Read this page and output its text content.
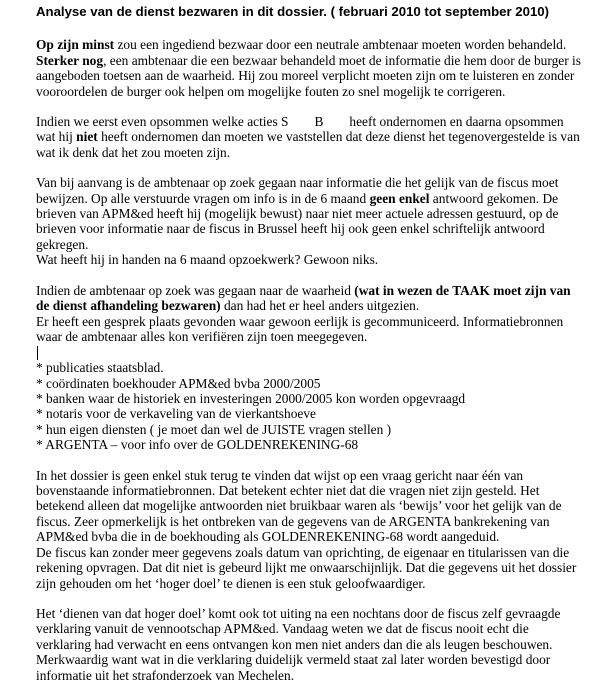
Analyse van de dienst bezwaren in dit dossier. ( februari 2010 tot september 2010)

Op zijn minst zou een ingediend bezwaar door een neutrale ambtenaar moeten worden behandeld. Sterker nog, een ambtenaar die een bezwaar behandeld moet de informatie die hem door de burger is aangeboden toetsen aan de waarheid. Hij zou moreel verplicht moeten zijn om te luisteren en zonder vooroordelen de burger ook helpen om mogelijke fouten zo snel mogelijk te corrigeren.

Indien we eerst even opsommen welke acties S B heeft ondernomen en daarna opsommen wat hij niet heeft ondernomen dan moeten we vaststellen dat deze dienst het tegenovergestelde is van wat ik denk dat het zou moeten zijn.

Van bij aanvang is de ambtenaar op zoek gegaan naar informatie die het gelijk van de fiscus moet bewijzen. Op alle verstuurde vragen om info is in de 6 maand geen enkel antwoord gekomen. De brieven van APM&ed heeft hij (mogelijk bewust) naar niet meer actuele adressen gestuurd, op de brieven voor informatie naar de fiscus in Brussel heeft hij ook geen enkel schriftelijk antwoord gekregen.
Wat heeft hij in handen na 6 maand opzoekwerk? Gewoon niks.

Indien de ambtenaar op zoek was gegaan naar de waarheid (wat in wezen de TAAK moet zijn van de dienst afhandeling bezwaren) dan had het er heel anders uitgezien.
Er heeft een gesprek plaats gevonden waar gewoon eerlijk is gecommuniceerd. Informatiebronnen waar de ambtenaar alles kon verifiëren zijn toen meegegeven.

* publicaties staatsblad.
* coördinaten boekhouder APM&ed bvba 2000/2005
* banken waar de historiek en investeringen 2000/2005 kon worden opgevraagd
* notaris voor de verkaveling van de vierkantshoeve
* hun eigen diensten ( je moet dan wel de JUISTE vragen stellen )
* ARGENTA – voor info over de GOLDENREKENING-68

In het dossier is geen enkel stuk terug te vinden dat wijst op een vraag gericht naar één van bovenstaande informatiebronnen. Dat betekent echter niet dat die vragen niet zijn gesteld. Het betekend alleen dat mogelijke antwoorden niet bruikbaar waren als ‘bewijs’ voor het gelijk van de fiscus. Zeer opmerkelijk is het ontbreken van de gegevens van de ARGENTA bankrekening van APM&ed bvba die in de boekhouding als GOLDENREKENING-68 wordt aangeduid.
De fiscus kan zonder meer gegevens zoals datum van oprichting, de eigenaar en titularissen van die rekening opvragen. Dat dit niet is gebeurd lijkt me onwaarschijnlijk. Dat die gegevens uit het dossier zijn gehouden om het ‘hoger doel’ te dienen is een stuk geloofwaardiger.

Het ‘dienen van dat hoger doel’ komt ook tot uiting na een nochtans door de fiscus zelf gevraagde verklaring vanuit de vennootschap APM&ed. Vandaag weten we dat de fiscus nooit echt die verklaring had verwacht en eens ontvangen kon men niet anders dan die als leugen beschouwen. Merkwaardig want wat in die verklaring duidelijk vermeld staat zal later worden bevestigd door informatie uit het strafonderzoek van Mechelen.
